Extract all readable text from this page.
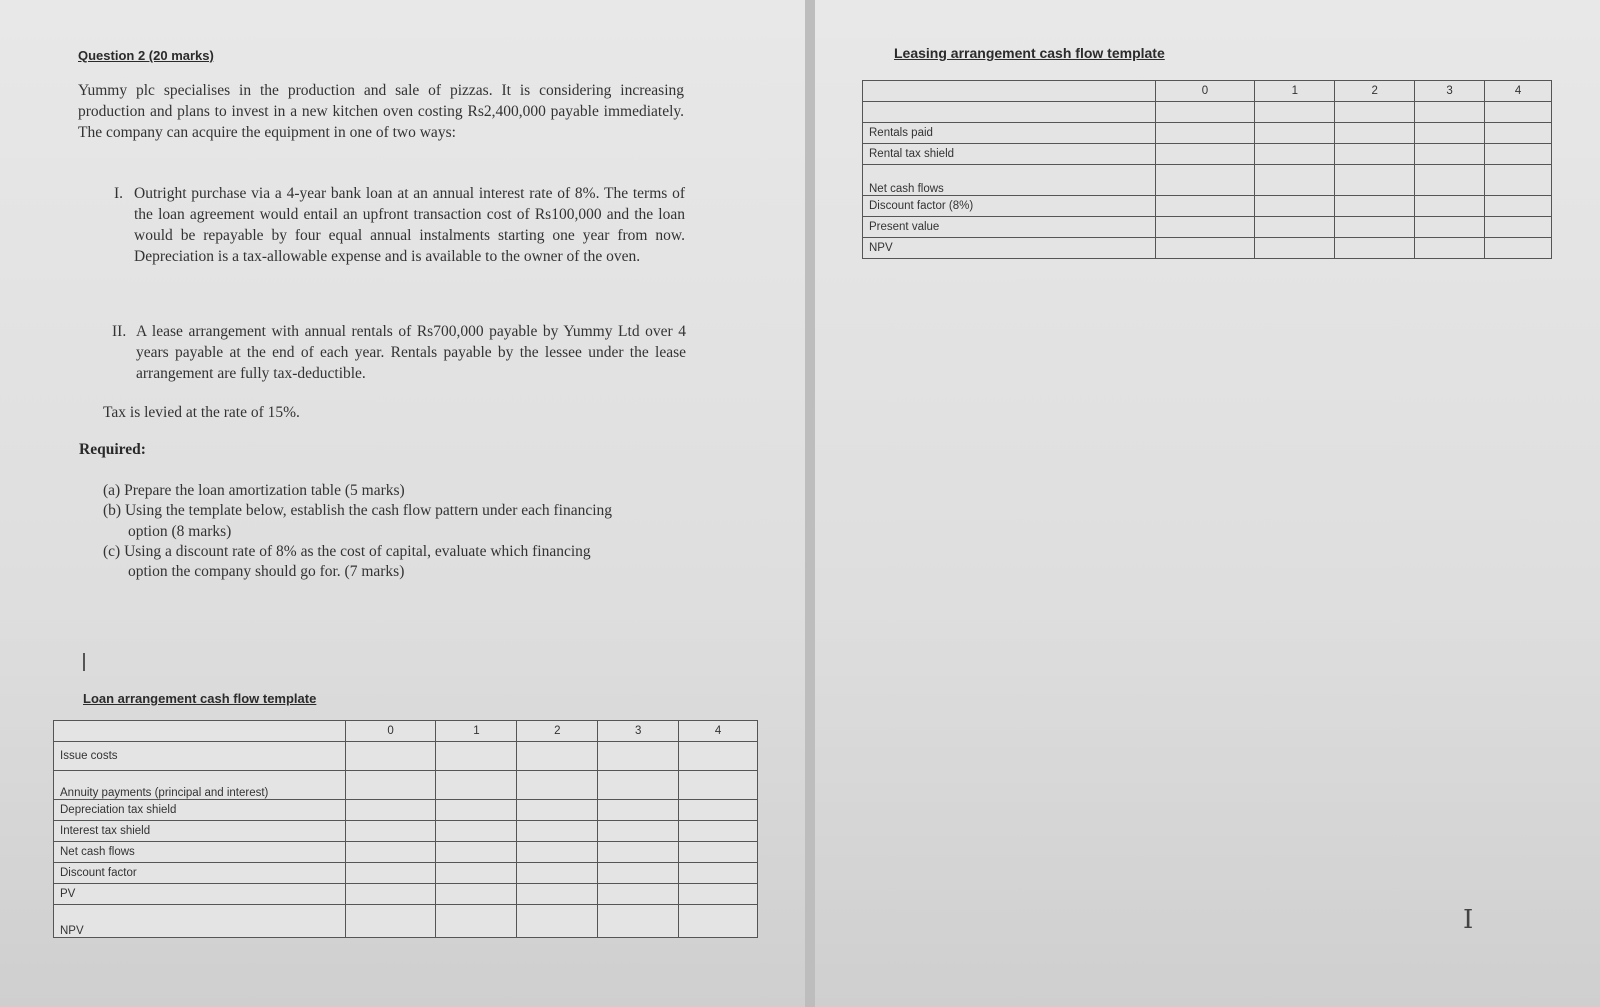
Question 2 (20 marks)
Yummy plc specialises in the production and sale of pizzas. It is considering increasing production and plans to invest in a new kitchen oven costing Rs2,400,000 payable immediately. The company can acquire the equipment in one of two ways:
I. Outright purchase via a 4-year bank loan at an annual interest rate of 8%. The terms of the loan agreement would entail an upfront transaction cost of Rs100,000 and the loan would be repayable by four equal annual instalments starting one year from now. Depreciation is a tax-allowable expense and is available to the owner of the oven.
II. A lease arrangement with annual rentals of Rs700,000 payable by Yummy Ltd over 4 years payable at the end of each year. Rentals payable by the lessee under the lease arrangement are fully tax-deductible.
Tax is levied at the rate of 15%.
Required:
(a) Prepare the loan amortization table (5 marks)
(b) Using the template below, establish the cash flow pattern under each financing
option (8 marks)
(c) Using a discount rate of 8% as the cost of capital, evaluate which financing
option the company should go for. (7 marks)
Loan arrangement cash flow template
	0	1	2	3	4
Issue costs					
Annuity payments (principal and interest)					
Depreciation tax shield					
Interest tax shield					
Net cash flows					
Discount factor					
PV					
NPV					
Leasing arrangement cash flow template
	0	1	2	3	4

Rentals paid					
Rental tax shield					
Net cash flows					
Discount factor (8%)					
Present value					
NPV					
I
